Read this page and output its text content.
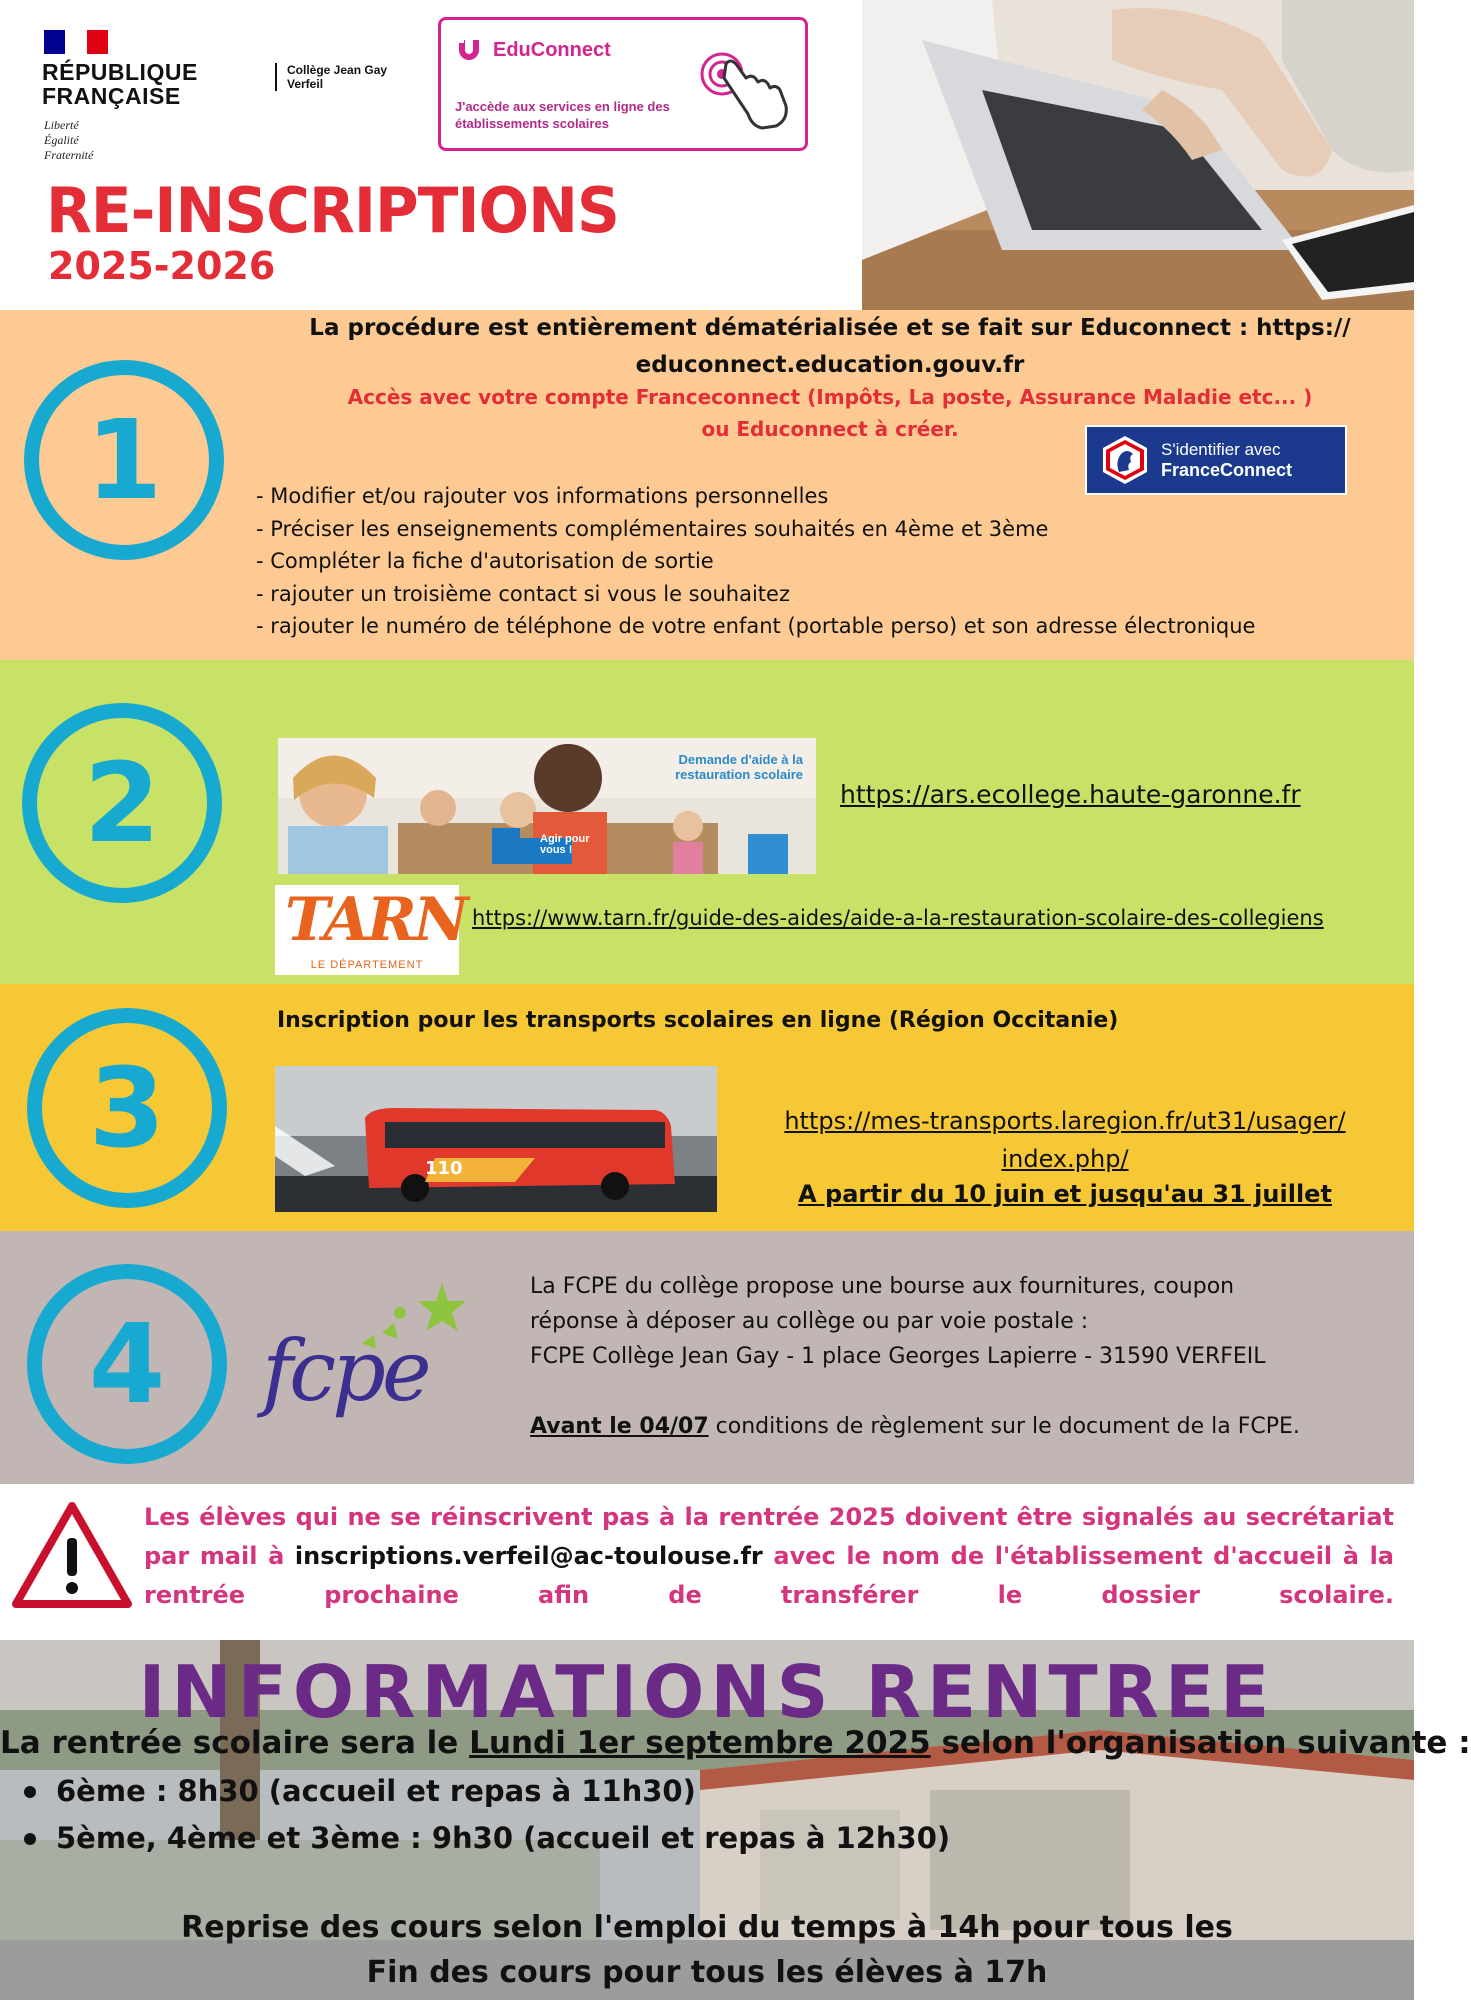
RÉPUBLIQUE
FRANÇAISE
Liberté
Égalité
Fraternité
Collège Jean Gay
Verfeil
EduConnect
J'accède aux services en ligne des établissements scolaires
RE-INSCRIPTIONS
2025-2026
1
La procédure est entièrement dématérialisée et se fait sur Educonnect : https:// educonnect.education.gouv.fr
Accès avec votre compte Franceconnect (Impôts, La poste, Assurance Maladie etc... )
ou Educonnect à créer.
S'identifier avec
FranceConnect
- Modifier et/ou rajouter vos informations personnelles
- Préciser les enseignements complémentaires souhaités en 4ème et 3ème
- Compléter la fiche d'autorisation de sortie
- rajouter un troisième contact si vous le souhaitez
- rajouter le numéro de téléphone de votre enfant (portable perso) et son adresse électronique
2	Demande d'aide à la restauration scolaire
Agir pour vous !
https://ars.ecollege.haute-garonne.fr
TARN
LE DÉPARTEMENT
https://www.tarn.fr/guide-des-aides/aide-a-la-restauration-scolaire-des-collegiens
3
Inscription pour les transports scolaires en ligne (Région Occitanie)
110
https://mes-transports.laregion.fr/ut31/usager/
index.php/
A partir du 10 juin et jusqu'au 31 juillet
4	fcpe
La FCPE du collège propose une bourse aux fournitures, coupon
réponse à déposer au collège ou par voie postale :
FCPE Collège Jean Gay - 1 place Georges Lapierre - 31590 VERFEIL
Avant le 04/07 conditions de règlement sur le document de la FCPE.
Les élèves qui ne se réinscrivent pas à la rentrée 2025 doivent être signalés au secrétariat par mail à inscriptions.verfeil@ac-toulouse.fr avec le nom de l'établissement d'accueil à la rentrée prochaine afin de transférer le dossier scolaire.
INFORMATIONS RENTREE
La rentrée scolaire sera le Lundi 1er septembre 2025 selon l'organisation suivante :
6ème : 8h30 (accueil et repas à 11h30)
5ème, 4ème et 3ème : 9h30 (accueil et repas à 12h30)
Reprise des cours selon l'emploi du temps à 14h pour tous les
Fin des cours pour tous les élèves à 17h
